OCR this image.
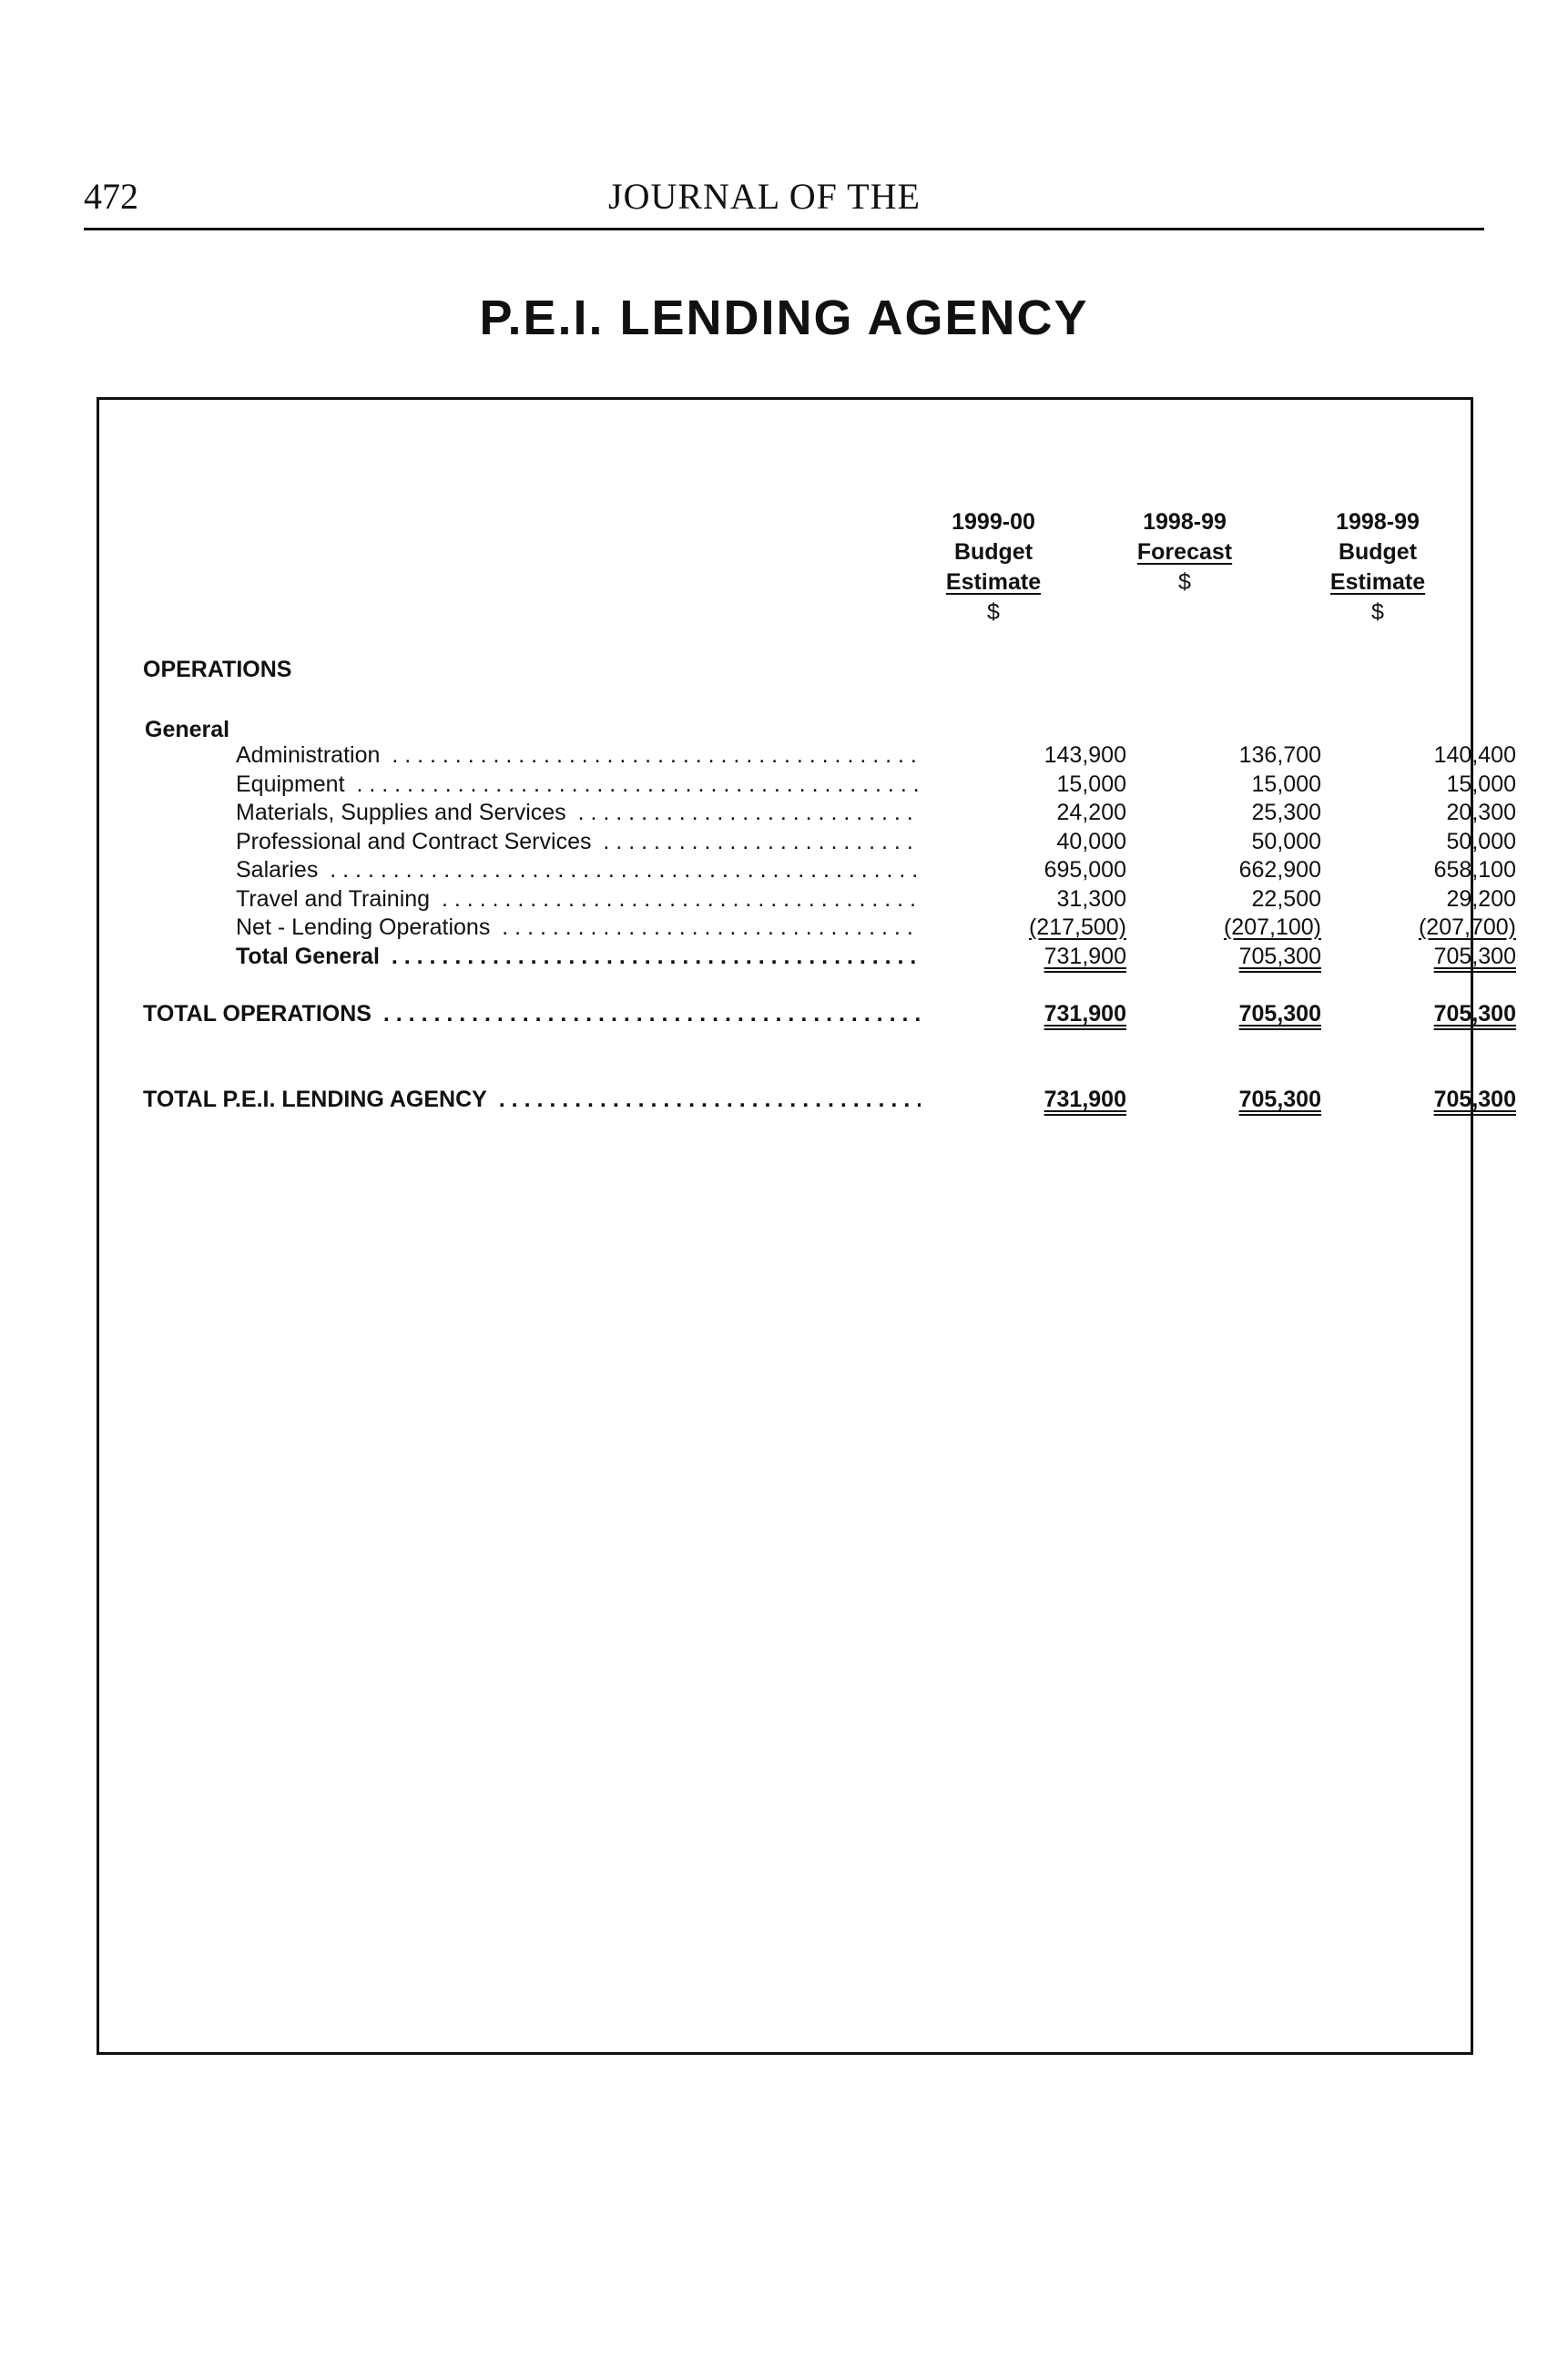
472	JOURNAL OF THE
P.E.I. LENDING AGENCY
1999-00
Budget
Estimate
$
1998-99
Forecast
$
1998-99
Budget
Estimate
$
OPERATIONS
General
Administration . . .	143,900	136,700	140,400
Equipment . . .	15,000	15,000	15,000
Materials, Supplies and Services . . .	24,200	25,300	20,300
Professional and Contract Services . . .	40,000	50,000	50,000
Salaries . . .	695,000	662,900	658,100
Travel and Training . . .	31,300	22,500	29,200
Net - Lending Operations . . .	(217,500)	(207,100)	(207,700)
Total General . . .	731,900	705,300	705,300
TOTAL OPERATIONS . . .	731,900	705,300	705,300
TOTAL P.E.I. LENDING AGENCY . . .	731,900	705,300	705,300
